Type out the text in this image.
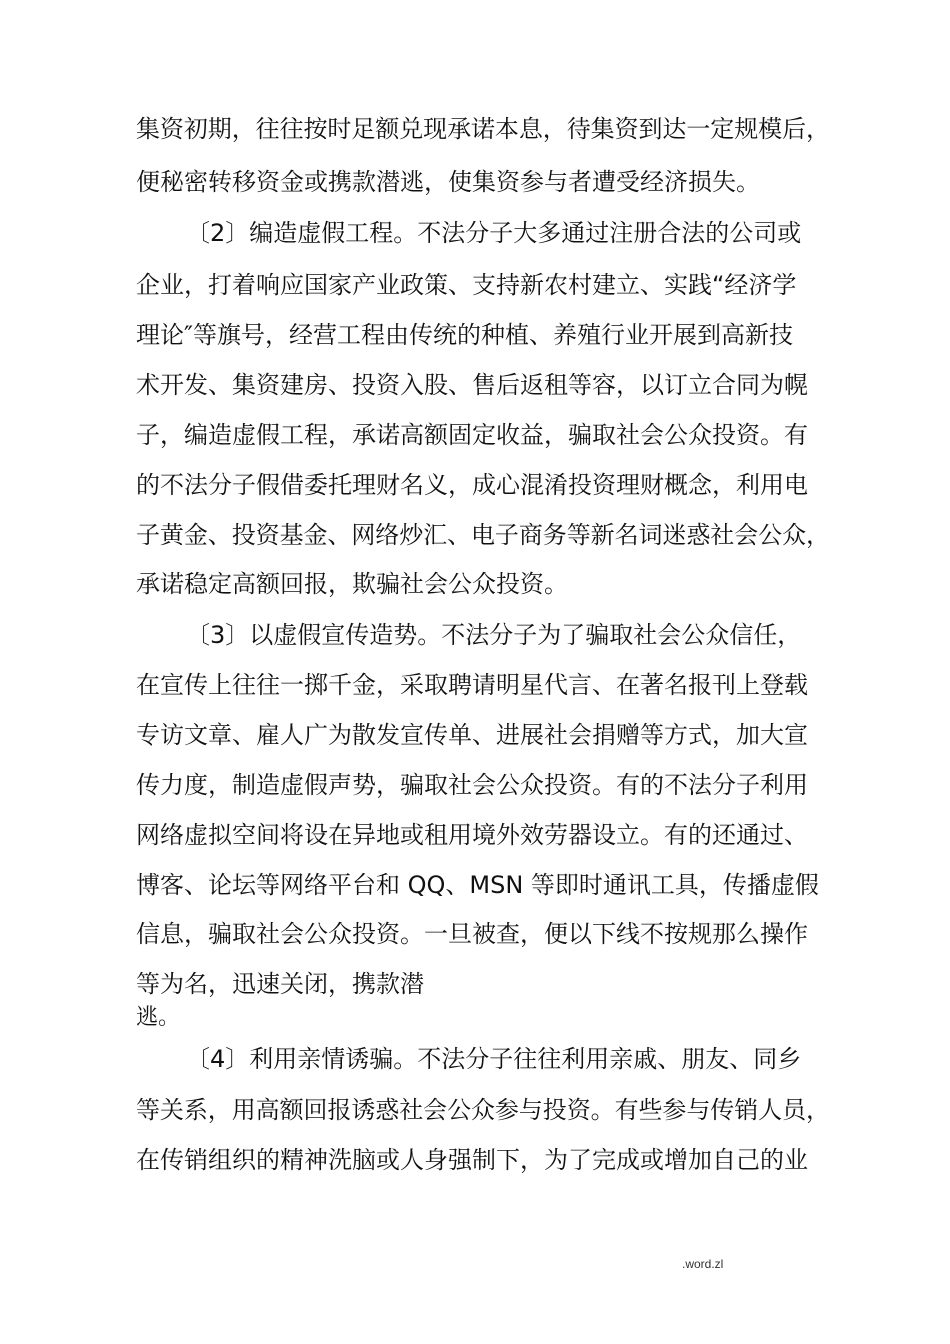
集资初期，往往按时足额兑现承诺本息，待集资到达一定规模后，
便秘密转移资金或携款潜逃，使集资参与者遭受经济损失。
〔2〕编造虚假工程。不法分子大多通过注册合法的公司或
企业，打着响应国家产业政策、支持新农村建立、实践“经济学
理论″等旗号，经营工程由传统的种植、养殖行业开展到高新技
术开发、集资建房、投资入股、售后返租等容，以订立合同为幌
子，编造虚假工程，承诺高额固定收益，骗取社会公众投资。有
的不法分子假借委托理财名义，成心混淆投资理财概念，利用电
子黄金、投资基金、网络炒汇、电子商务等新名词迷惑社会公众，
承诺稳定高额回报，欺骗社会公众投资。
〔3〕以虚假宣传造势。不法分子为了骗取社会公众信任，
在宣传上往往一掷千金，采取聘请明星代言、在著名报刊上登载
专访文章、雇人广为散发宣传单、进展社会捐赠等方式，加大宣
传力度，制造虚假声势，骗取社会公众投资。有的不法分子利用
网络虚拟空间将设在异地或租用境外效劳器设立。有的还通过、
博客、论坛等网络平台和 QQ、MSN 等即时通讯工具，传播虚假
信息，骗取社会公众投资。一旦被查，便以下线不按规那么操作
等为名，迅速关闭，携款潜
逃。
〔4〕利用亲情诱骗。不法分子往往利用亲戚、朋友、同乡
等关系，用高额回报诱惑社会公众参与投资。有些参与传销人员，
在传销组织的精神洗脑或人身强制下，为了完成或增加自己的业
.word.zl
